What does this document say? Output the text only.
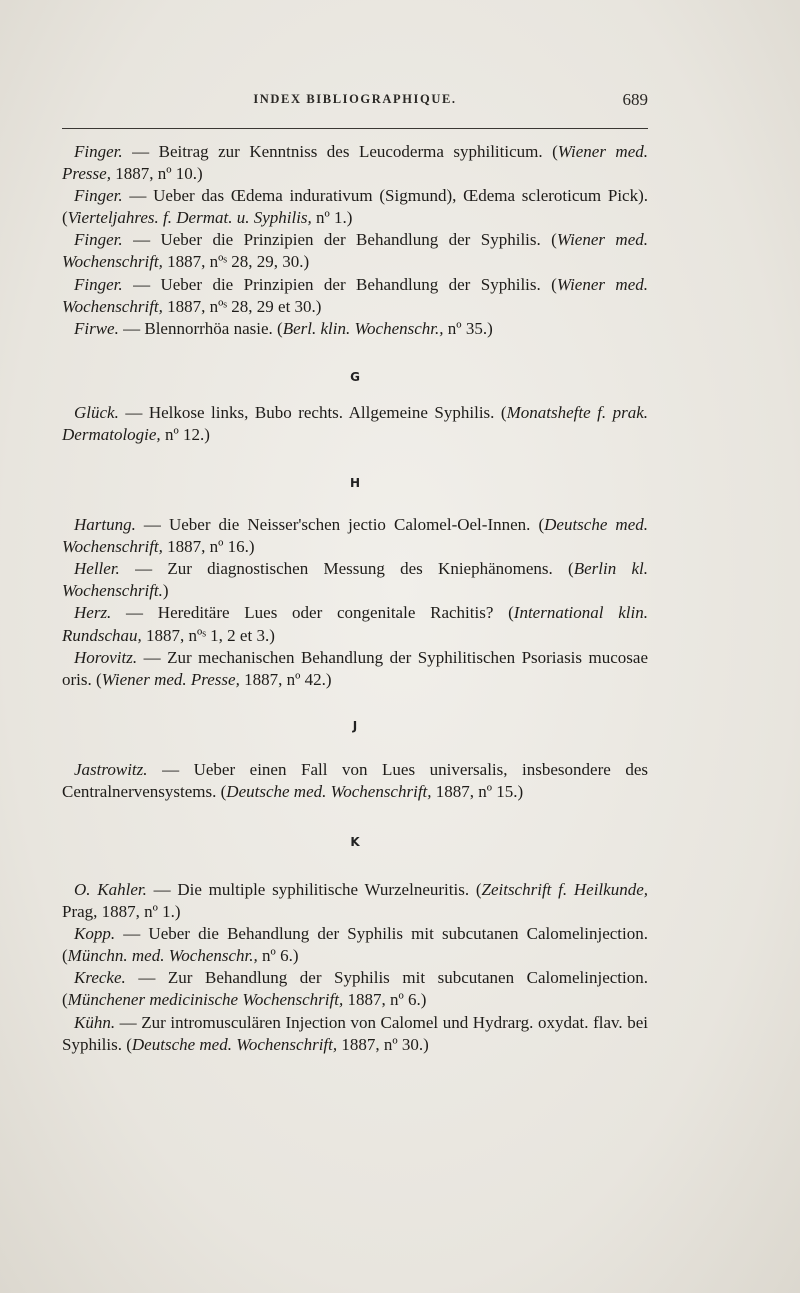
INDEX BIBLIOGRAPHIQUE.	689

Finger. — Beitrag zur Kenntniss des Leucoderma syphiliticum. (Wiener med. Presse, 1887, nº 10.)

Finger. — Ueber das Œdema indurativum (Sigmund), Œdema scleroticum Pick). (Vierteljahres. f. Dermat. u. Syphilis, nº 1.)

Finger. — Ueber die Prinzipien der Behandlung der Syphilis. (Wiener med. Wochenschrift, 1887, nºˢ 28, 29, 30.)

Finger. — Ueber die Prinzipien der Behandlung der Syphilis. (Wiener med. Wochenschrift, 1887, nºˢ 28, 29 et 30.)

Firwe. — Blennorrhöa nasie. (Berl. klin. Wochenschr., nº 35.)

G

Glück. — Helkose links, Bubo rechts. Allgemeine Syphilis. (Monatshefte f. prak. Dermatologie, nº 12.)

H

Hartung. — Ueber die Neisser'schen jectio Calomel-Oel-Innen. (Deutsche med. Wochenschrift, 1887, nº 16.)

Heller. — Zur diagnostischen Messung des Kniephänomens. (Berlin kl. Wochenschrift.)

Herz. — Hereditäre Lues oder congenitale Rachitis? (International klin. Rundschau, 1887, nºˢ 1, 2 et 3.)

Horovitz. — Zur mechanischen Behandlung der Syphilitischen Psoriasis mucosae oris. (Wiener med. Presse, 1887, nº 42.)

J

Jastrowitz. — Ueber einen Fall von Lues universalis, insbesondere des Centralnervensystems. (Deutsche med. Wochenschrift, 1887, nº 15.)

K

O. Kahler. — Die multiple syphilitische Wurzelneuritis. (Zeitschrift f. Heilkunde, Prag, 1887, nº 1.)

Kopp. — Ueber die Behandlung der Syphilis mit subcutanen Calomelinjection. (Münchn. med. Wochenschr., nº 6.)

Krecke. — Zur Behandlung der Syphilis mit subcutanen Calomelinjection. (Münchener medicinische Wochenschrift, 1887, nº 6.)

Kühn. — Zur intromusculären Injection von Calomel und Hydrarg. oxydat. flav. bei Syphilis. (Deutsche med. Wochenschrift, 1887, nº 30.)
